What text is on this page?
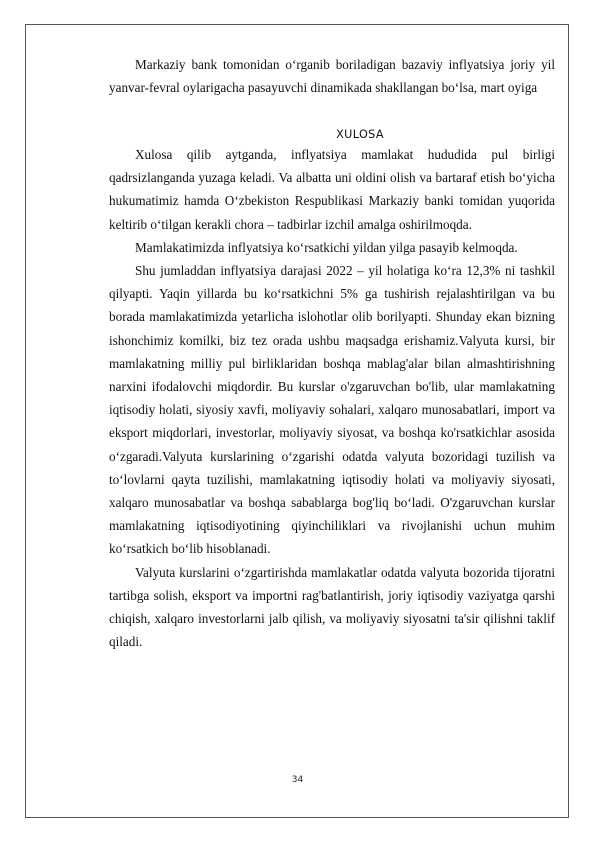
Markaziy bank tomonidan o‘rganib boriladigan bazaviy inflyatsiya joriy yil yanvar-fevral oylarigacha pasayuvchi dinamikada shakllangan bo‘lsa, mart oyiga

XULOSA

Xulosa qilib aytganda, inflyatsiya mamlakat hududida pul birligi qadrsizlanganda yuzaga keladi. Va albatta uni oldini olish va bartaraf etish bo‘yicha hukumatimiz hamda O‘zbekiston Respublikasi Markaziy banki tomidan yuqorida keltirib o‘tilgan kerakli chora – tadbirlar izchil amalga oshirilmoqda.

Mamlakatimizda inflyatsiya ko‘rsatkichi yildan yilga pasayib kelmoqda.

Shu jumladdan inflyatsiya darajasi 2022 – yil holatiga ko‘ra 12,3% ni tashkil qilyapti. Yaqin yillarda bu ko‘rsatkichni 5% ga tushirish rejalashtirilgan va bu borada mamlakatimizda yetarlicha islohotlar olib borilyapti. Shunday ekan bizning ishonchimiz komilki, biz tez orada ushbu maqsadga erishamiz.Valyuta kursi, bir mamlakatning milliy pul birliklaridan boshqa mablag'alar bilan almashtirishning narxini ifodalovchi miqdordir. Bu kurslar o'zgaruvchan bo'lib, ular mamlakatning iqtisodiy holati, siyosiy xavfi, moliyaviy sohalari, xalqaro munosabatlari, import va eksport miqdorlari, investorlar, moliyaviy siyosat, va boshqa ko'rsatkichlar asosida o‘zgaradi.Valyuta kurslarining o‘zgarishi odatda valyuta bozoridagi tuzilish va to‘lovlarni qayta tuzilishi, mamlakatning iqtisodiy holati va moliyaviy siyosati, xalqaro munosabatlar va boshqa sabablarga bog'liq bo‘ladi. O'zgaruvchan kurslar mamlakatning iqtisodiyotining qiyinchiliklari va rivojlanishi uchun muhim ko‘rsatkich bo‘lib hisoblanadi.

Valyuta kurslarini o‘zgartirishda mamlakatlar odatda valyuta bozorida tijoratni tartibga solish, eksport va importni rag'batlantirish, joriy iqtisodiy vaziyatga qarshi chiqish, xalqaro investorlarni jalb qilish, va moliyaviy siyosatni ta'sir qilishni taklif qiladi.

34
